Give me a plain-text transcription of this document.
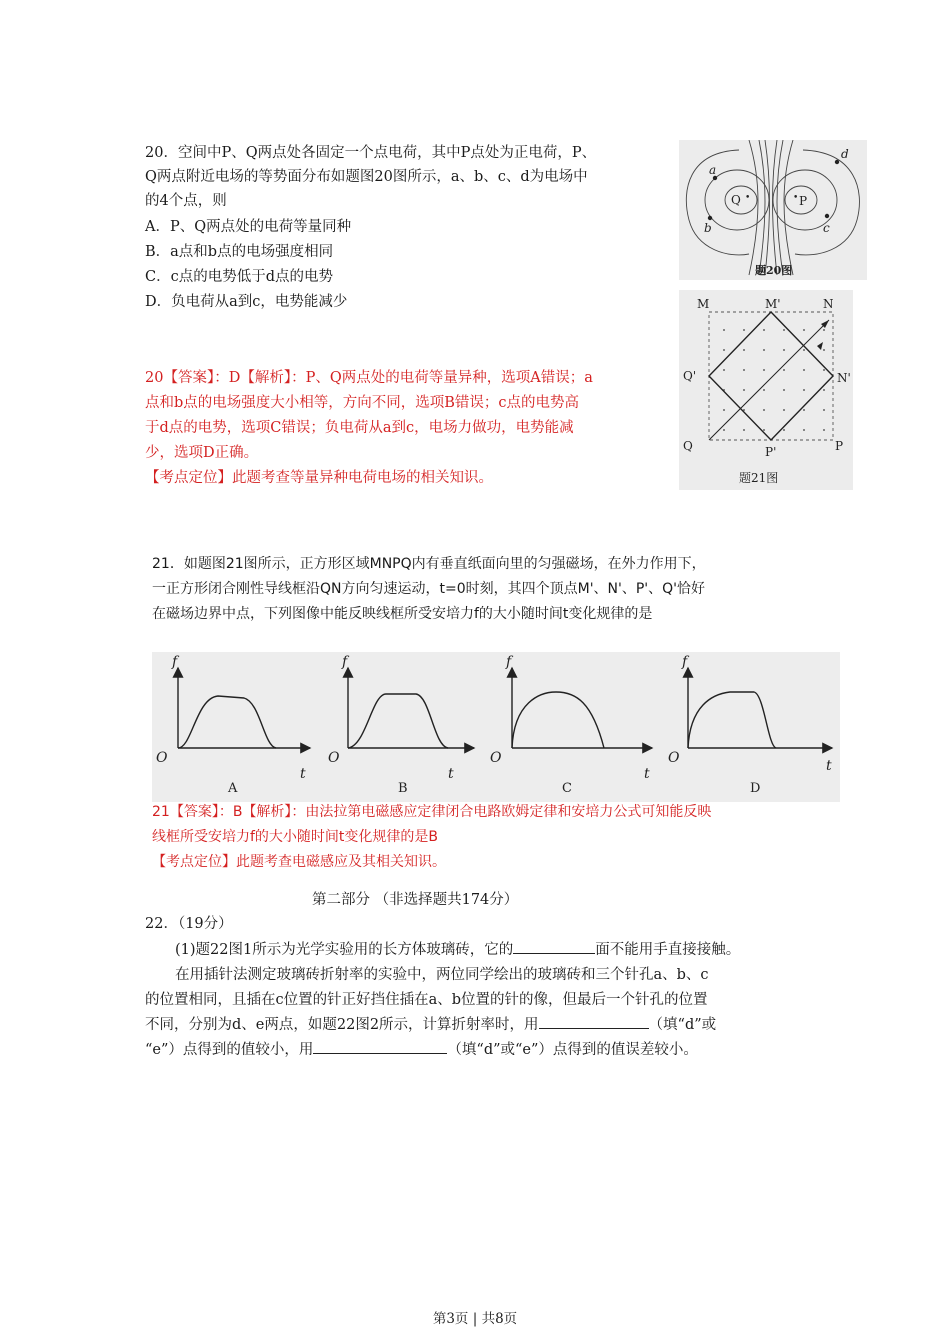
20．空间中P、Q两点处各固定一个点电荷，其中P点处为正电荷，P、
Q两点附近电场的等势面分布如题图20图所示，a、b、c、d为电场中
的4个点，则
A．P、Q两点处的电荷等量同种
B．a点和b点的电场强度相同
C．c点的电势低于d点的电势
D．负电荷从a到c，电势能减少
a
b	c
d
Q •	• P
题20图
M	M'	N
N'
Q'
Q	P'	P
题21图
20【答案】：D【解析】：P、Q两点处的电荷等量异种，选项A错误；a
点和b点的电场强度大小相等，方向不同，选项B错误；c点的电势高
于d点的电势，选项C错误；负电荷从a到c，电场力做功，电势能减
少，选项D正确。
【考点定位】此题考查等量异种电荷电场的相关知识。
21．如题图21图所示，正方形区域MNPQ内有垂直纸面向里的匀强磁场，在外力作用下，
一正方形闭合刚性导线框沿QN方向匀速运动，t=0时刻，其四个顶点M'、N'、P'、Q'恰好
在磁场边界中点，下列图像中能反映线框所受安培力f的大小随时间t变化规律的是
f
O
t
f
O
t
f
O
t
f
O	t
A	B	C	D
21【答案】：B【解析】：由法拉第电磁感应定律闭合电路欧姆定律和安培力公式可知能反映
线框所受安培力f的大小随时间t变化规律的是B
【考点定位】此题考查电磁感应及其相关知识。
第二部分 （非选择题共174分）
22．（19分）
(1)题22图1所示为光学实验用的长方体玻璃砖，它的	面不能用手直接接触。
在用插针法测定玻璃砖折射率的实验中，两位同学绘出的玻璃砖和三个针孔a、b、c
的位置相同，且插在c位置的针正好挡住插在a、b位置的针的像，但最后一个针孔的位置
不同，分别为d、e两点，如题22图2所示，计算折射率时，用	（填“d”或
“e”）点得到的值较小，用	（填“d”或“e”）点得到的值误差较小。
第3页 | 共8页
